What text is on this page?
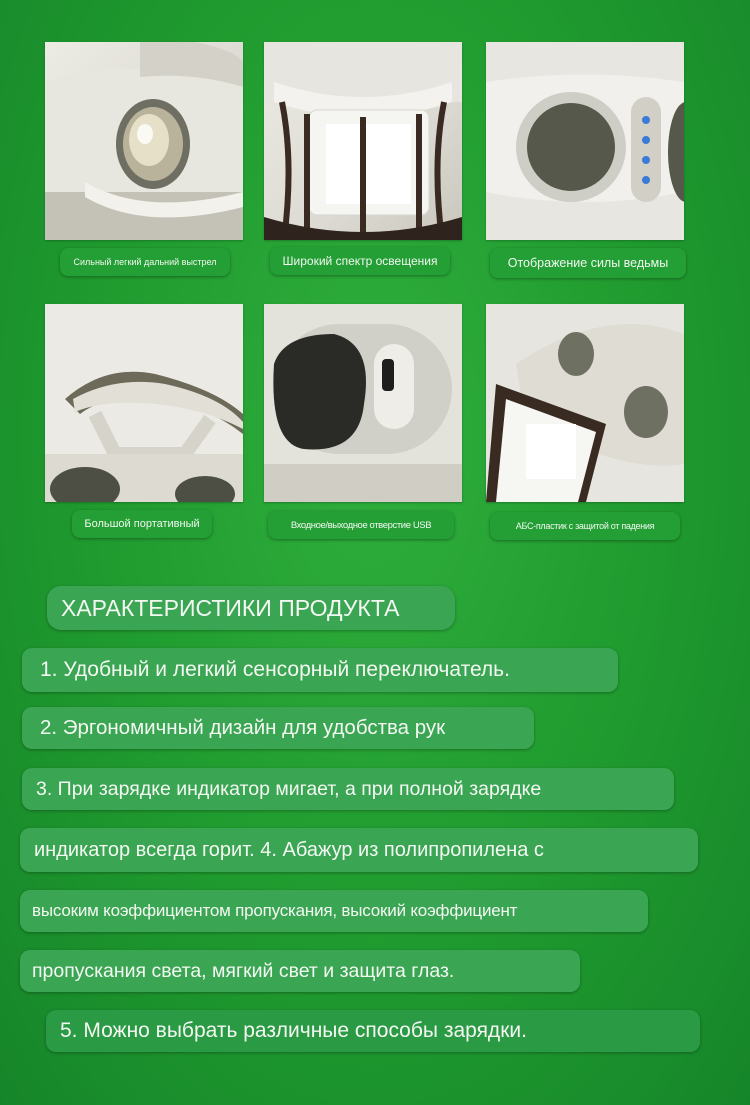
Сильный легкий дальний выстрел	Широкий спектр освещения	Отображение силы ведьмы
Большой портативный	Входное/выходное отверстие USB	АБС-пластик с защитой от падения
ХАРАКТЕРИСТИКИ ПРОДУКТА
1. Удобный и легкий сенсорный переключатель.
2. Эргономичный дизайн для удобства рук
3. При зарядке индикатор мигает, а при полной зарядке
индикатор всегда горит. 4. Абажур из полипропилена с
высоким коэффициентом пропускания, высокий коэффициент
пропускания света, мягкий свет и защита глаз.
5. Можно выбрать различные способы зарядки.
